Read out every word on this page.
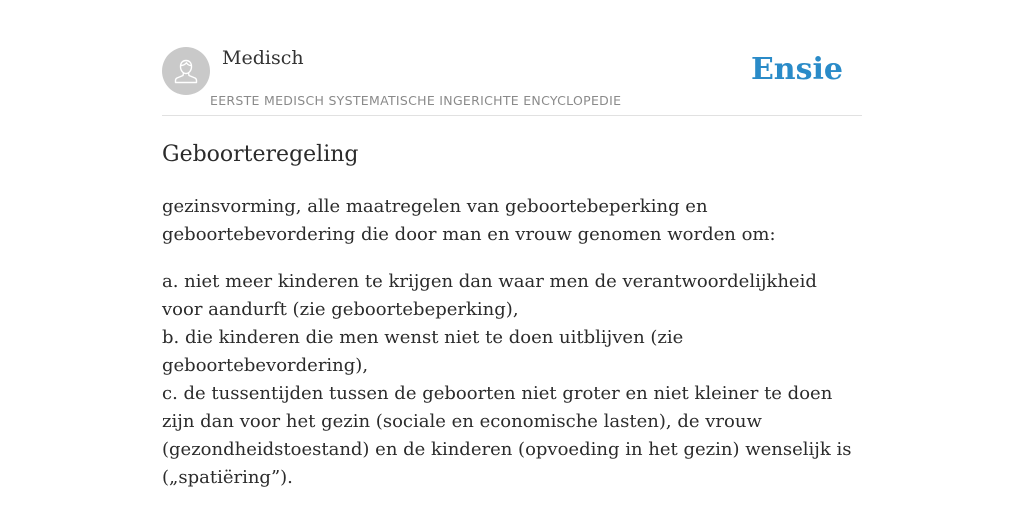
Medisch
EERSTE MEDISCH SYSTEMATISCHE INGERICHTE ENCYCLOPEDIE
Ensie
Geboorteregeling

gezinsvorming, alle maatregelen van geboortebeperking en geboortebevordering die door man en vrouw genomen worden om:

a. niet meer kinderen te krijgen dan waar men de verantwoordelijkheid voor aandurft (zie geboortebeperking),
b. die kinderen die men wenst niet te doen uitblijven (zie geboortebevordering),
c. de tussentijden tussen de geboorten niet groter en niet kleiner te doen zijn dan voor het gezin (sociale en economische lasten), de vrouw (gezondheidstoestand) en de kinderen (opvoeding in het gezin) wenselijk is („spatiëring”).
